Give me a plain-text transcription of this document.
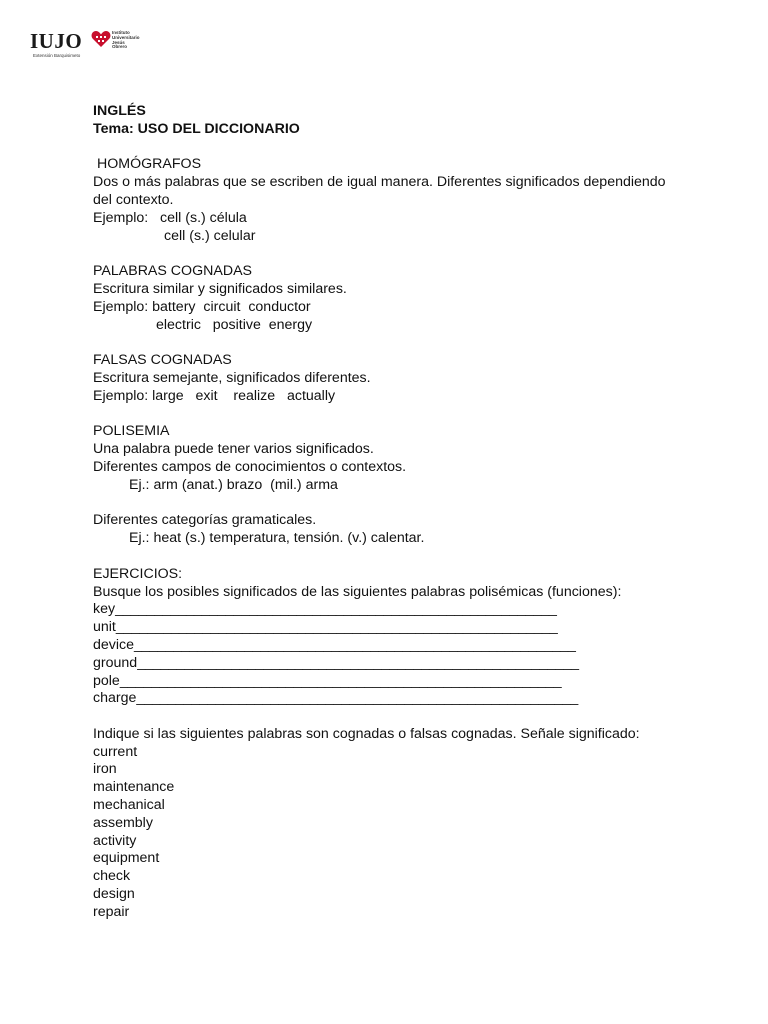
IUJO	Instituto
Universitario
Jesús
Obrero
Extensión Barquisimeto
INGLÉS
Tema: USO DEL DICCIONARIO
HOMÓGRAFOS
Dos o más palabras que se escriben de igual manera. Diferentes significados dependiendo
del contexto.
Ejemplo:   cell (s.) célula
cell (s.) celular
PALABRAS COGNADAS
Escritura similar y significados similares.
Ejemplo: battery  circuit  conductor
electric   positive  energy
FALSAS COGNADAS
Escritura semejante, significados diferentes.
Ejemplo: large   exit    realize   actually
POLISEMIA
Una palabra puede tener varios significados.
Diferentes campos de conocimientos o contextos.
Ej.: arm (anat.) brazo  (mil.) arma
Diferentes categorías gramaticales.
Ej.: heat (s.) temperatura, tensión. (v.) calentar.
EJERCICIOS:
Busque los posibles significados de las siguientes palabras polisémicas (funciones):
key________________________________________________________
unit________________________________________________________
device________________________________________________________
ground________________________________________________________
pole________________________________________________________
charge________________________________________________________
Indique si las siguientes palabras son cognadas o falsas cognadas. Señale significado:
current
iron
maintenance
mechanical
assembly
activity
equipment
check
design
repair
